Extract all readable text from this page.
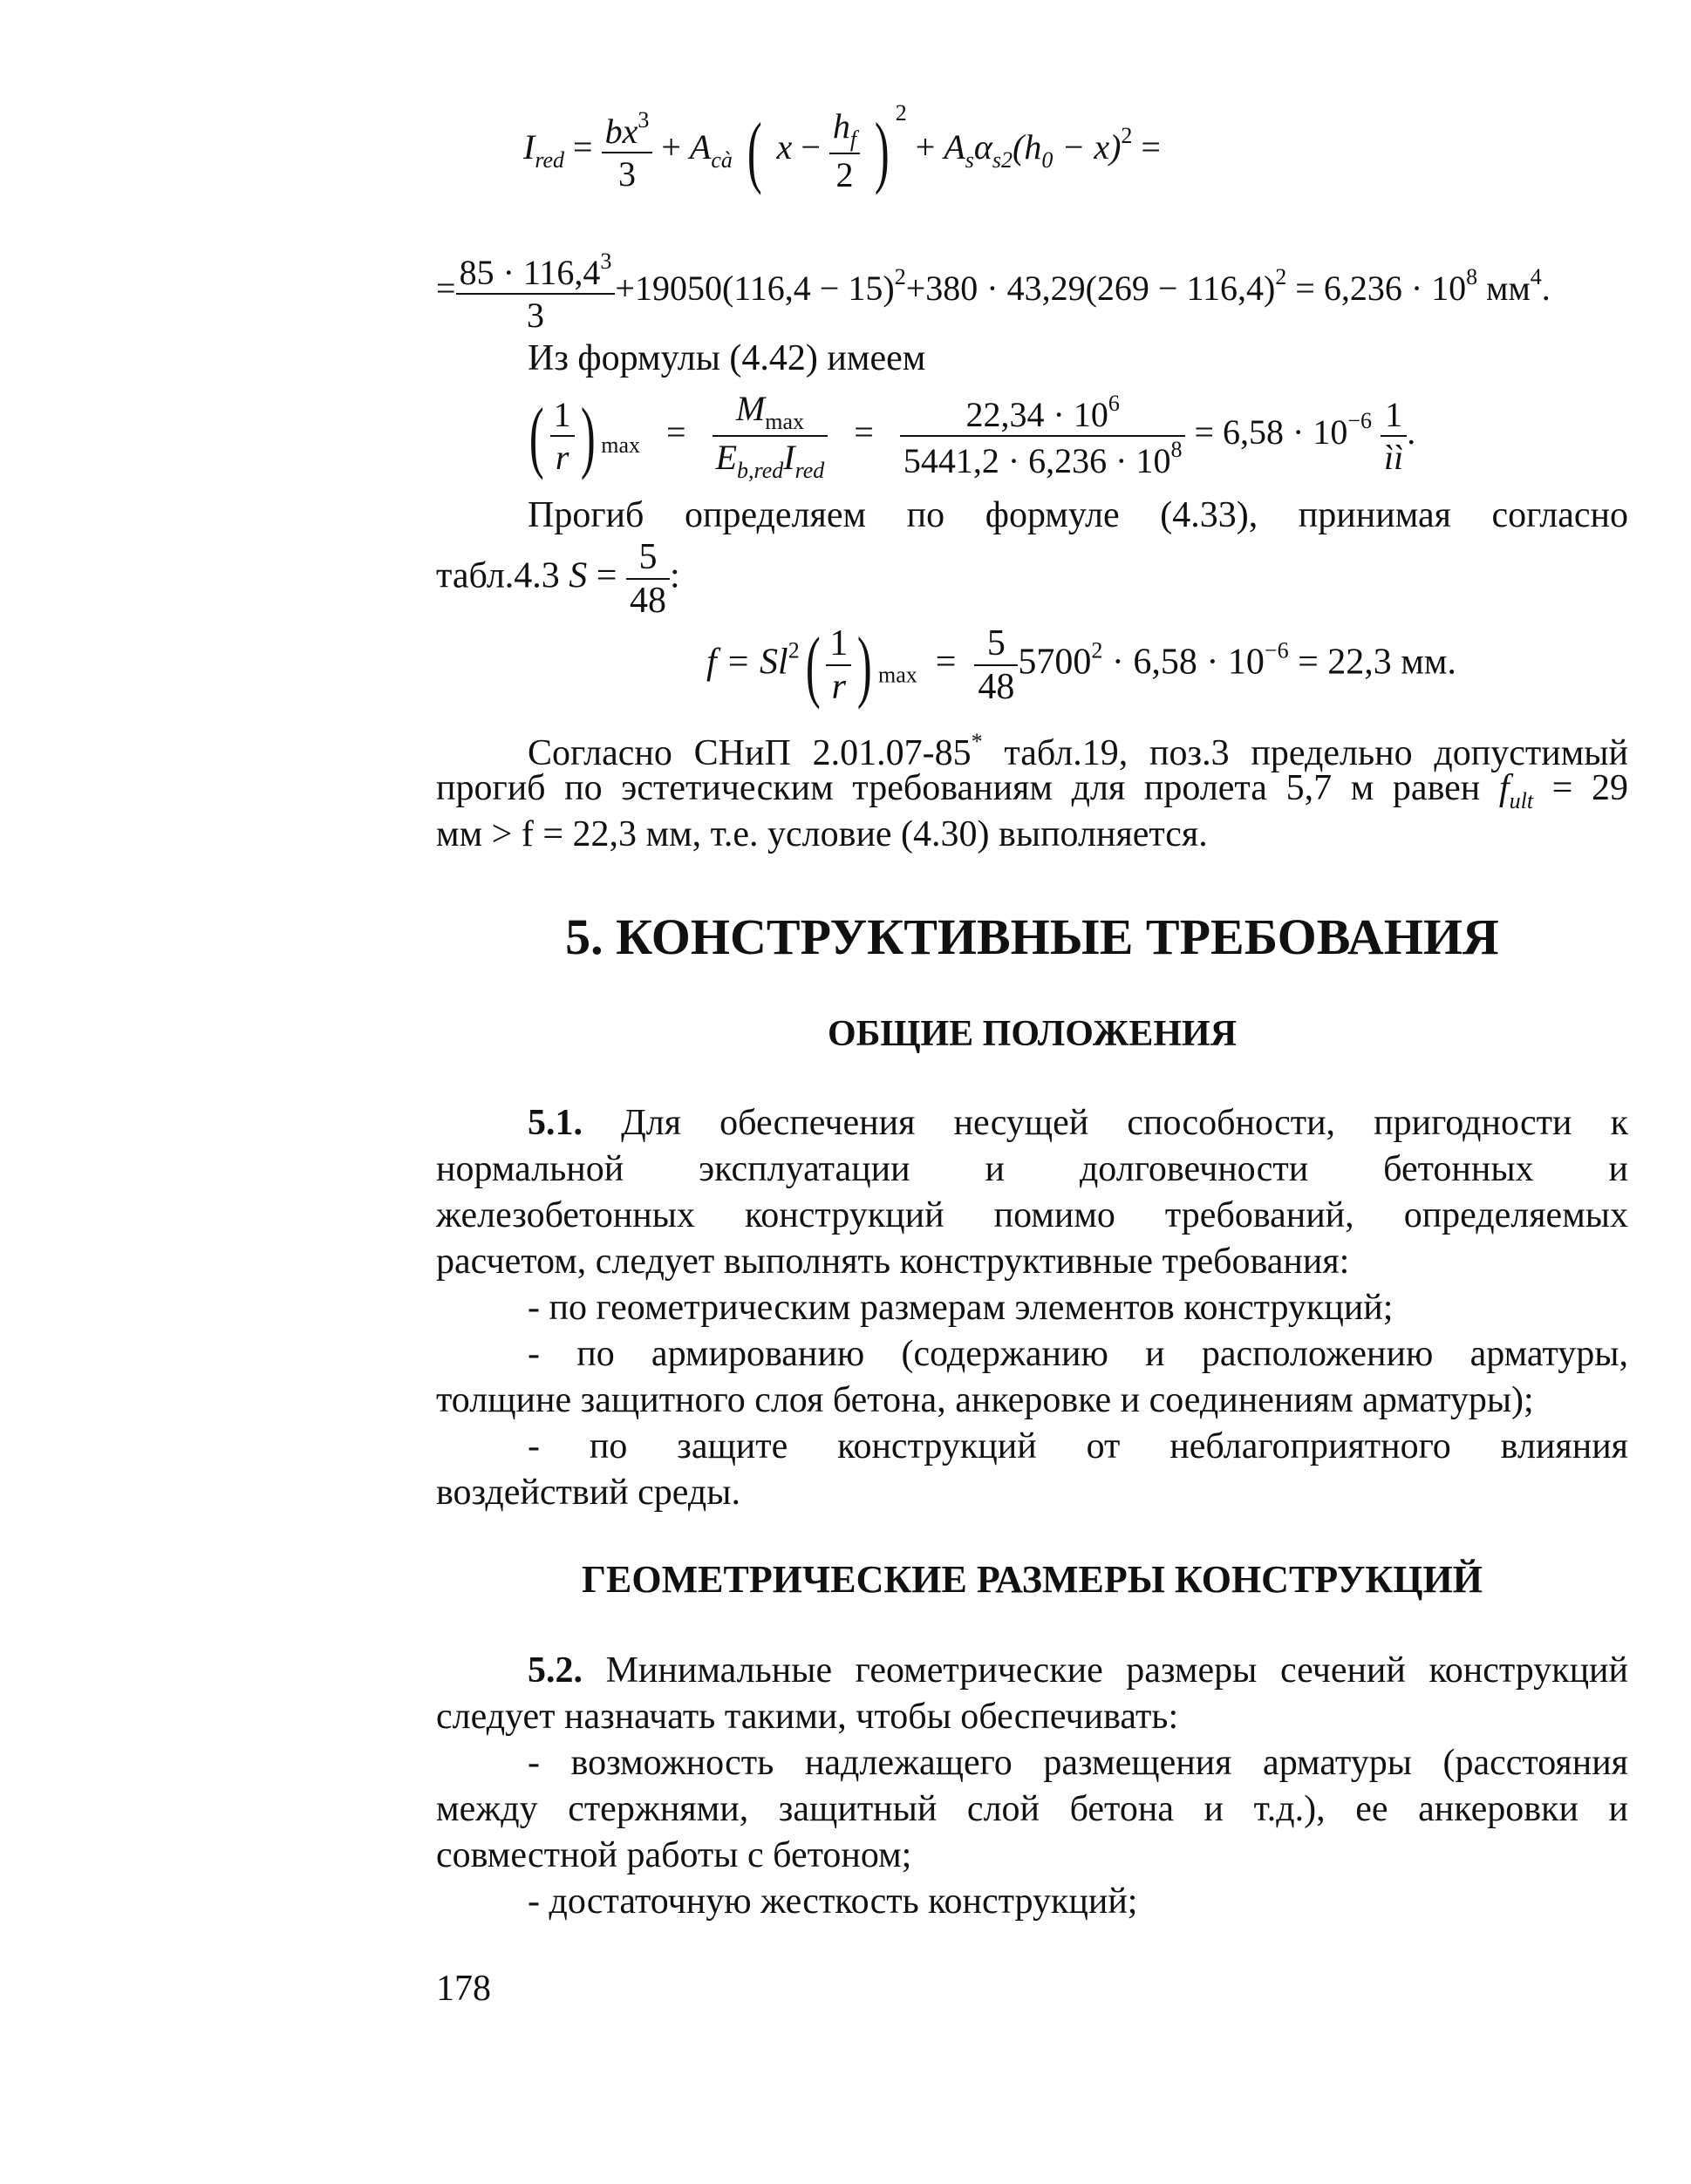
$I_{red} = \frac{bx^3}{3} + A_{cà}$ ( $x - \frac{h_f}{2}$ ) $^2 + A_s\alpha_{s2}(h_0 - x)^2$ =
= $\frac{85 \cdot 116,4^3}{3} +19050(116,4 - 15)^2+380 \cdot 43,29(269 - 116,4)^2 = 6,236 \cdot 10^8$ $мм^4$.
Из формулы (4.42) имеем
( $\frac{1}{r}$ ) $_{max} = \frac{M_{max}}{E_{b,red}I_{red}} = \frac{22,34 \cdot 10^6}{5441,2 \cdot 6,236 \cdot 10^8} = 6,58 \cdot 10^{-6} \frac{1}{ìì}$ .
Прогиб определяем по формуле (4.33), принимая согласно
табл.4.3 $S = \frac{5}{48}$ :
$f = Sl^2( \frac{1}{r}$ ) $_{max} = \frac{5}{48} 5700^2 \cdot 6,58 \cdot 10^{-6} = 22,3$ мм.
Согласно СНиП 2.01.07-85* табл.19, поз.3 предельно допустимый
прогиб по эстетическим требованиям для пролета 5,7 м равен $f_{ult} = 29$
мм > f = 22,3 мм, т.е. условие (4.30) выполняется.
5. КОНСТРУКТИВНЫЕ ТРЕБОВАНИЯ
ОБЩИЕ ПОЛОЖЕНИЯ
5.1. Для обеспечения несущей способности, пригодности к
нормальной эксплуатации и долговечности бетонных и
железобетонных конструкций помимо требований, определяемых
расчетом, следует выполнять конструктивные требования:
- по геометрическим размерам элементов конструкций;
- по армированию (содержанию и расположению арматуры,
толщине защитного слоя бетона, анкеровке и соединениям арматуры);
- по защите конструкций от неблагоприятного влияния
воздействий среды.
ГЕОМЕТРИЧЕСКИЕ РАЗМЕРЫ КОНСТРУКЦИЙ
5.2. Минимальные геометрические размеры сечений конструкций
следует назначать такими, чтобы обеспечивать:
- возможность надлежащего размещения арматуры (расстояния
между стержнями, защитный слой бетона и т.д.), ее анкеровки и
совместной работы с бетоном;
- достаточную жесткость конструкций;
178
